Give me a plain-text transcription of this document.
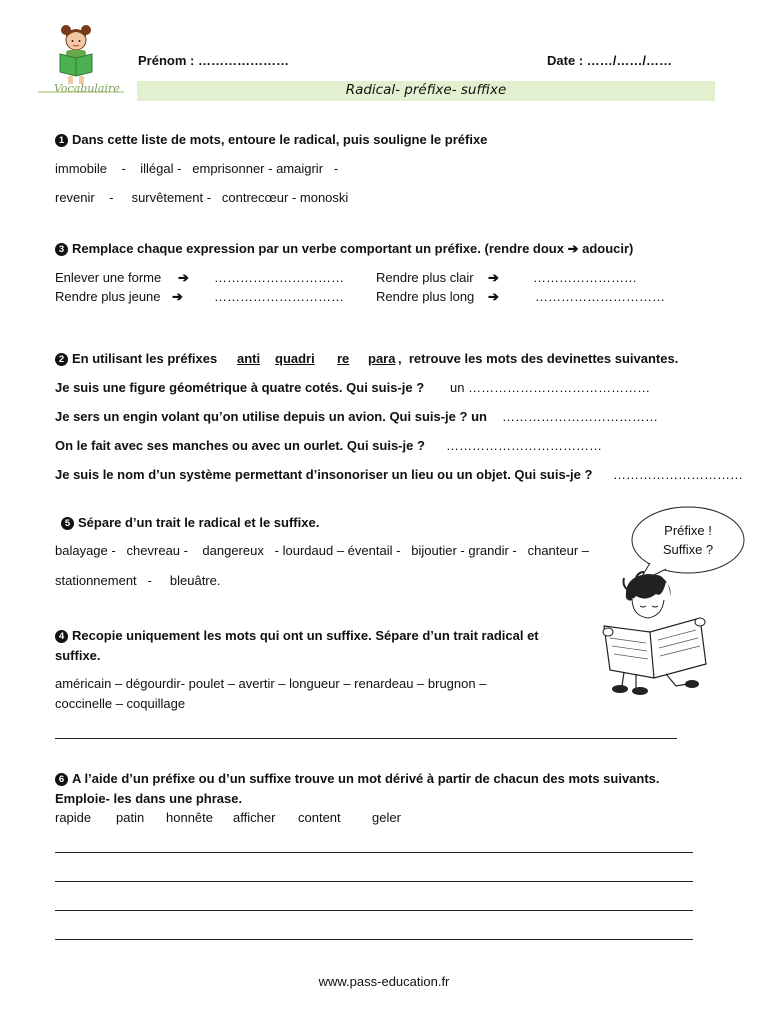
Vocabulaire
Prénom : …………………	Date : ……/……/……
Radical- préfixe- suffixe
1 Dans cette liste de mots, entoure le radical, puis souligne le préfixe
immobile    -    illégal -   emprisonner - amaigrir   -
revenir    -     survêtement -   contrecœur - monoski
3 Remplace chaque expression par un verbe comportant un préfixe. (rendre doux ➔ adoucir)
Enlever une forme ➔ ………………………… Rendre plus clair ➔	……………………
Rendre plus jeune ➔ ………………………… Rendre plus long ➔	…………………………
2 En utilisant les préfixes anti quadri re para ,  retrouve les mots des devinettes suivantes.
Je suis une figure géométrique à quatre cotés. Qui suis-je ? un ……………………………………
Je sers un engin volant qu’on utilise depuis un avion. Qui suis-je ? un ………………………………
On le fait avec ses manches ou avec un ourlet. Qui suis-je ? ………………………………
Je suis le nom d’un système permettant d’insonoriser un lieu ou un objet. Qui suis-je ? …………………………
5 Sépare d’un trait le radical et le suffixe.
balayage -   chevreau -    dangereux   - lourdaud – éventail -   bijoutier - grandir -   chanteur –
stationnement   -     bleuâtre.
Préfixe !
Suffixe ?
4 Recopie uniquement les mots qui ont un suffixe. Sépare d’un trait radical et
suffixe.
américain – dégourdir- poulet – avertir – longueur – renardeau – brugnon –
coccinelle – coquillage
6 A l’aide d’un préfixe ou d’un suffixe trouve un mot dérivé à partir de chacun des mots suivants.
Emploie- les dans une phrase.
rapide patin honnête afficher content geler
www.pass-education.fr
